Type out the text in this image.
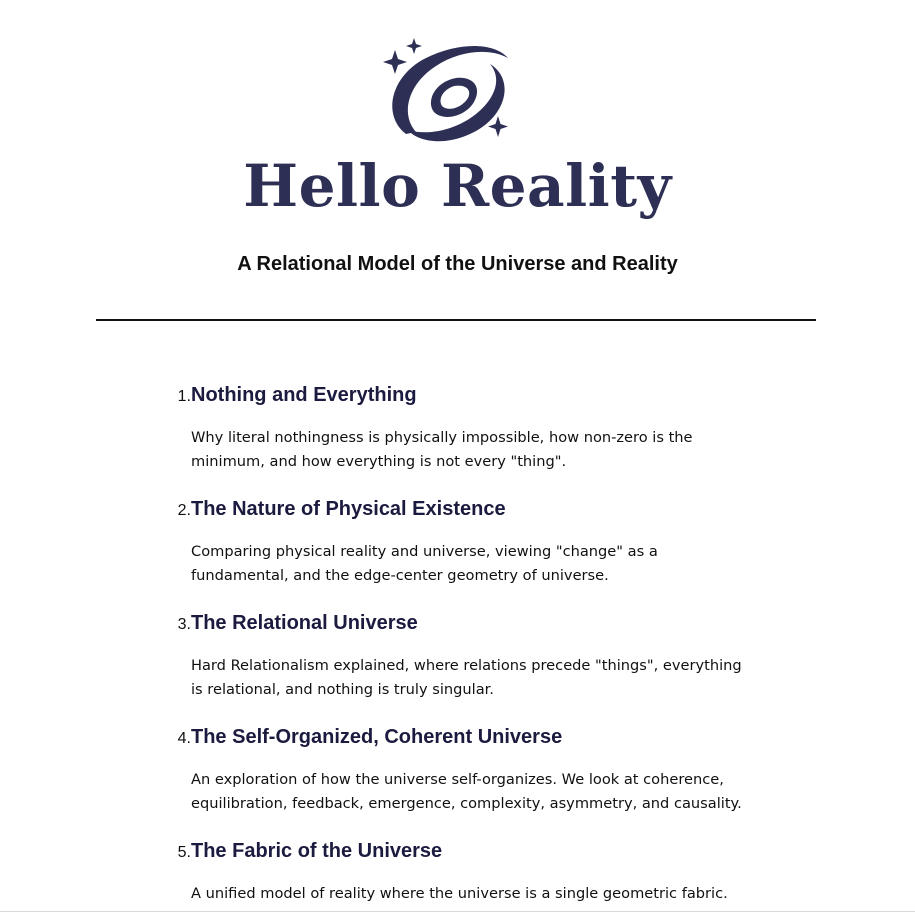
Hello Reality
A Relational Model of the Universe and Reality
1. Nothing and Everything
Why literal nothingness is physically impossible, how non-zero is the minimum, and how everything is not every "thing".
2. The Nature of Physical Existence
Comparing physical reality and universe, viewing "change" as a fundamental, and the edge-center geometry of universe.
3. The Relational Universe
Hard Relationalism explained, where relations precede "things", everything is relational, and nothing is truly singular.
4. The Self-Organized, Coherent Universe
An exploration of how the universe self-organizes. We look at coherence, equilibration, feedback, emergence, complexity, asymmetry, and causality.
5. The Fabric of the Universe
A unified model of reality where the universe is a single geometric fabric.
